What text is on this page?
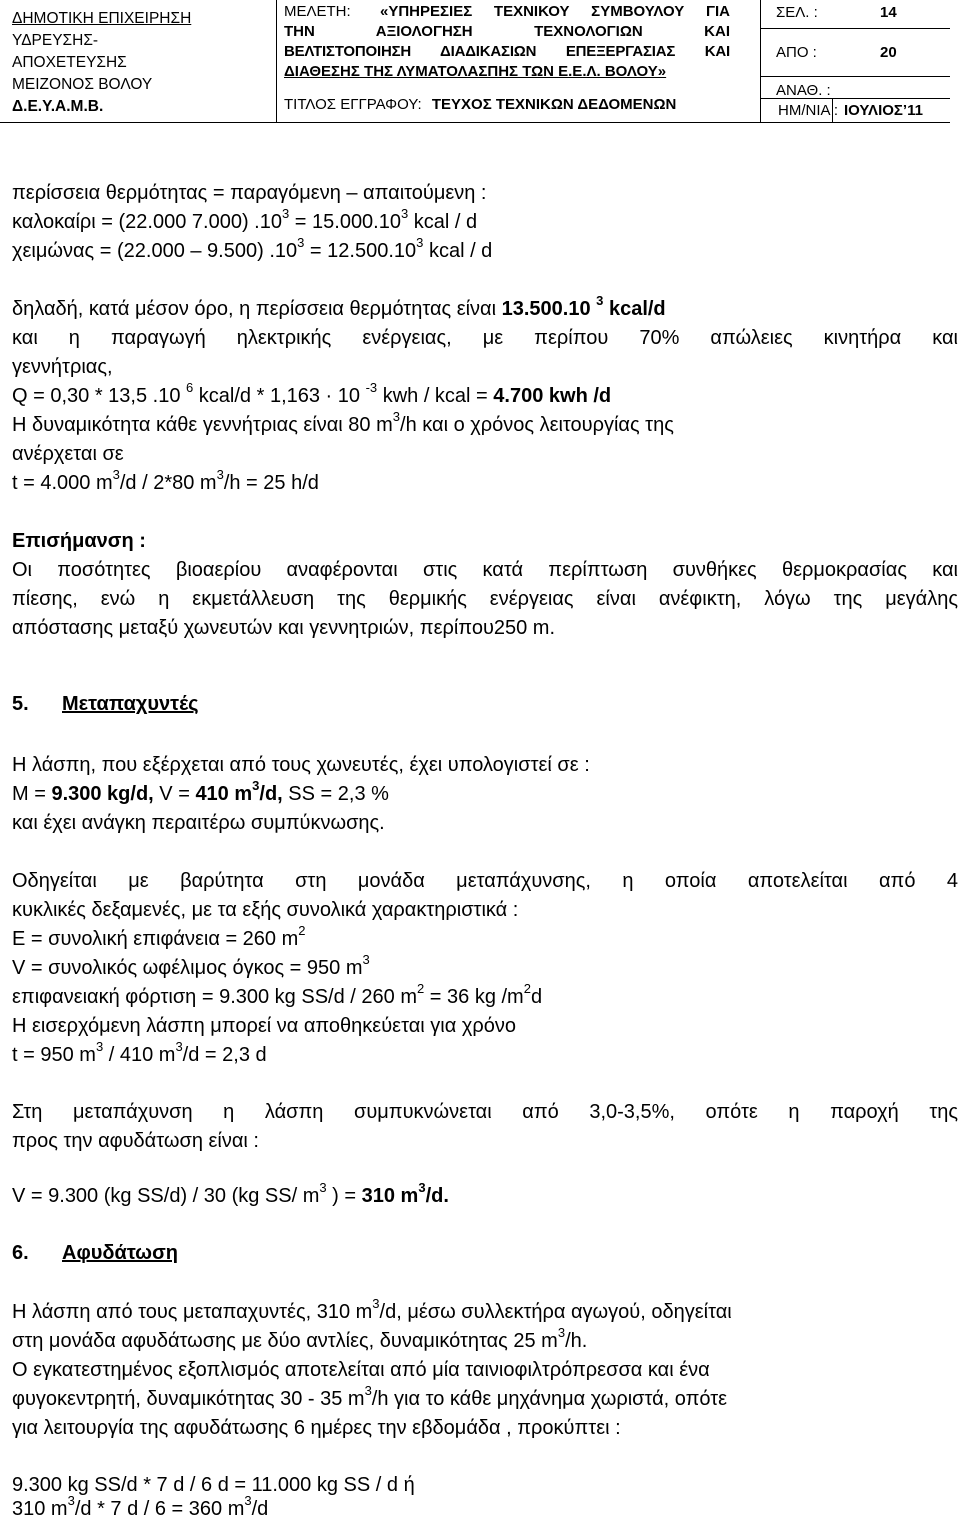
ΔΗΜΟΤΙΚΗ ΕΠΙΧΕΙΡΗΣΗ
ΥΔΡΕΥΣΗΣ-
ΑΠΟΧΕΤΕΥΣΗΣ
ΜΕΙΖΟΝΟΣ ΒΟΛΟΥ
Δ.Ε.Υ.Α.Μ.Β.
ΜΕΛΕΤΗ: «ΥΠΗΡΕΣΙΕΣ ΤΕΧΝΙΚΟΥ ΣΥΜΒΟΥΛΟΥ ΓΙΑ
ΤΗΝ ΑΞΙΟΛΟΓΗΣΗ ΤΕΧΝΟΛΟΓΙΩΝ ΚΑΙ
ΒΕΛΤΙΣΤΟΠΟΙΗΣΗ ΔΙΑΔΙΚΑΣΙΩΝ ΕΠΕΞΕΡΓΑΣΙΑΣ ΚΑΙ
ΔΙΑΘΕΣΗΣ ΤΗΣ ΛΥΜΑΤΟΛΑΣΠΗΣ ΤΩΝ Ε.Ε.Λ. ΒΟΛΟΥ»
ΤΙΤΛΟΣ ΕΓΓΡΑΦΟΥ: ΤΕΥΧΟΣ ΤΕΧΝΙΚΩΝ ΔΕΔΟΜΕΝΩΝ
ΣΕΛ. :	14
ΑΠΟ :	20
ΑΝΑΘ. :
ΗΜ/ΝΙΑ : ΙΟΥΛΙΟΣ’11
περίσσεια θερμότητας = παραγόμενη – απαιτούμενη :
καλοκαίρι = (22.000 7.000) $.10^3 = 15.000.10^3$ kcal / d
χειμώνας = (22.000 – 9.500) $.10^3 = 12.500.10^3$ kcal / d
δηλαδή, κατά μέσον όρο, η περίσσεια θερμότητας είναι 13.500.10 $^3$ kcal/d
και η παραγωγή ηλεκτρικής ενέργειας, με περίπου 70% απώλειες κινητήρα και
γεννήτριας,
Q = 0,30 * 13,5 .10 $^6$ kcal/d * 1,163 · 10 $^{-3}$ kwh / kcal = 4.700 kwh /d
Η δυναμικότητα κάθε γεννήτριας είναι 80 $m^3/h$ και ο χρόνος λειτουργίας της
ανέρχεται σε
t = 4.000 $m^3/d / 2*80$ $m^3/h = 25$ h/d
Επισήμανση :
Οι ποσότητες βιοαερίου αναφέρονται στις κατά περίπτωση συνθήκες θερμοκρασίας και
πίεσης, ενώ η εκμετάλλευση της θερμικής ενέργειας είναι ανέφικτη, λόγω της μεγάλης
απόστασης μεταξύ χωνευτών και γεννητριών, περίπου250 m.
5. Μεταπαχυντές
Η λάσπη, που εξέρχεται από τους χωνευτές, έχει υπολογιστεί σε :
Μ = 9.300 kg/d, V = 410 $m^3/d$, SS = 2,3 %
και έχει ανάγκη περαιτέρω συμπύκνωσης.
Οδηγείται με βαρύτητα στη μονάδα μεταπάχυνσης, η οποία αποτελείται από 4
κυκλικές δεξαμενές, με τα εξής συνολικά χαρακτηριστικά :
Ε = συνολική επιφάνεια = 260 $m^2$
V = συνολικός ωφέλιμος όγκος = 950 $m^3$
επιφανειακή φόρτιση = 9.300 kg SS/d / 260 $m^2 = 36$ kg $/m^2d$
Η εισερχόμενη λάσπη μπορεί να αποθηκεύεται για χρόνο
t = 950 $m^3 / 410$ $m^3/d = 2,3$ d
Στη μεταπάχυνση η λάσπη συμπυκνώνεται από 3,0-3,5%, οπότε η παροχή της
προς την αφυδάτωση είναι :
V = 9.300 (kg SS/d) / 30 (kg SS/ $m^3$ ) = 310 $m^3/d$.
6. Αφυδάτωση
Η λάσπη από τους μεταπαχυντές, 310 $m^3/d$, μέσω συλλεκτήρα αγωγού, οδηγείται
στη μονάδα αφυδάτωσης με δύο αντλίες, δυναμικότητας 25 $m^3/h$.
Ο εγκατεστημένος εξοπλισμός αποτελείται από μία ταινιοφιλτρόπρεσσα και ένα
φυγοκεντρητή, δυναμικότητας 30 - 35 $m^3/h$ για το κάθε μηχάνημα χωριστά, οπότε
για λειτουργία της αφυδάτωσης 6 ημέρες την εβδομάδα , προκύπτει :
9.300 kg SS/d * 7 d / 6 d = 11.000 kg SS / d ή
310 $m^3/d * 7$ d / 6 = 360 $m^3/d$
